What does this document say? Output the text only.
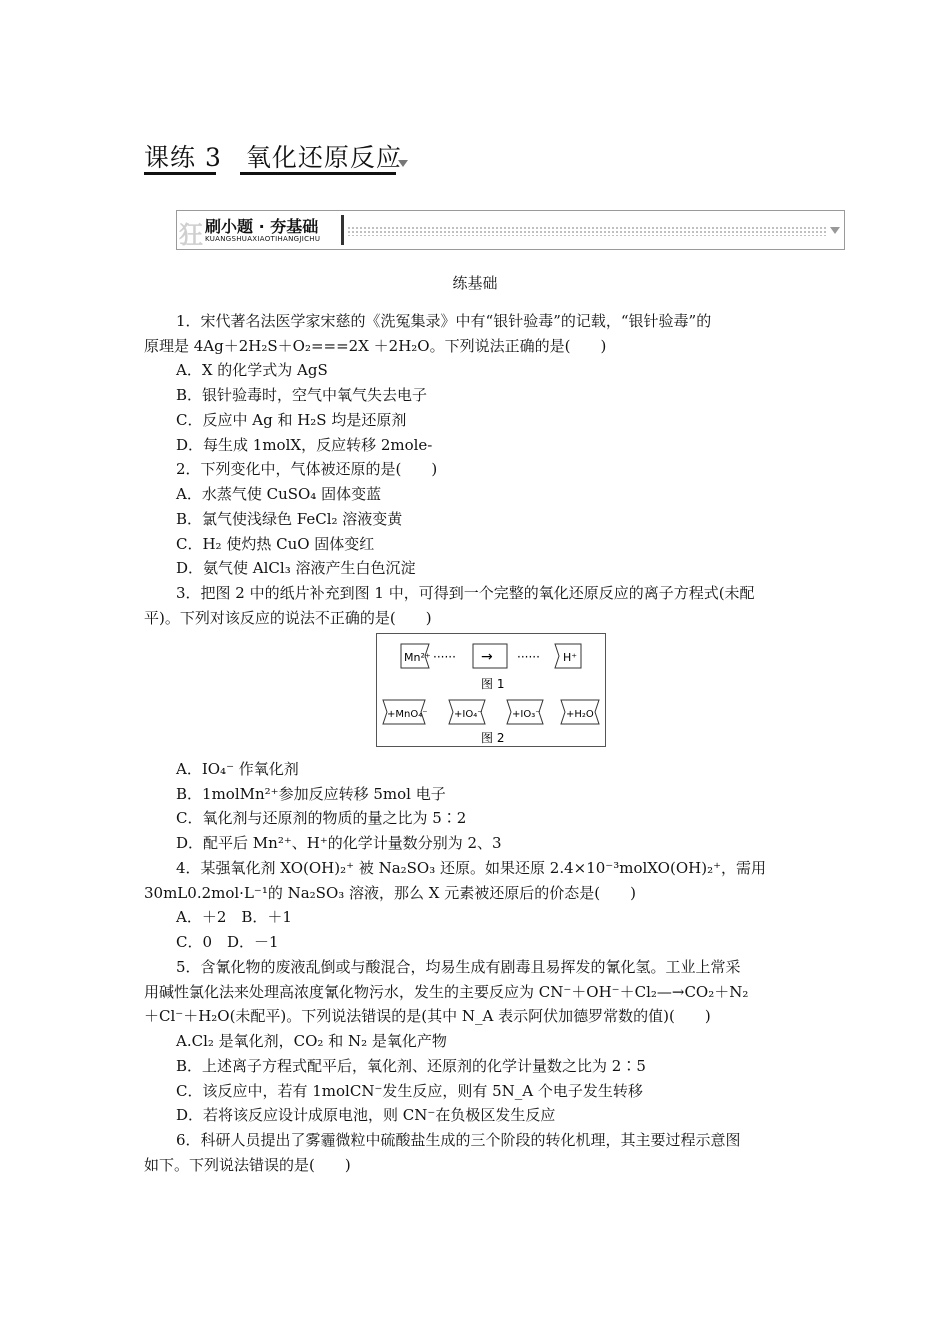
课练 3 氧化还原反应
狂 刷小题 · 夯基础
KUANGSHUAXIAOTIHANGJICHU
练基础
1．宋代著名法医学家宋慈的《洗冤集录》中有“银针验毒”的记载，“银针验毒”的
原理是 4Ag＋2H₂S＋O₂===2X ＋2H₂O。下列说法正确的是(　　)
A．X 的化学式为 AgS
B．银针验毒时，空气中氧气失去电子
C．反应中 Ag 和 H₂S 均是还原剂
D．每生成 1molX，反应转移 2mole-
2．下列变化中，气体被还原的是(　　)
A．水蒸气使 CuSO₄ 固体变蓝
B．氯气使浅绿色 FeCl₂ 溶液变黄
C．H₂ 使灼热 CuO 固体变红
D．氨气使 AlCl₃ 溶液产生白色沉淀
3．把图 2 中的纸片补充到图 1 中，可得到一个完整的氧化还原反应的离子方程式(未配
平)。下列对该反应的说法不正确的是(　　)
Mn²⁺ ······ → ······ H⁺
图 1
+MnO₄⁻	+IO₄⁻	+IO₃⁻	+H₂O
图 2
A．IO₄⁻ 作氧化剂
B．1molMn²⁺参加反应转移 5mol 电子
C．氧化剂与还原剂的物质的量之比为 5∶2
D．配平后 Mn²⁺、H⁺的化学计量数分别为 2、3
4．某强氧化剂 XO(OH)₂⁺ 被 Na₂SO₃ 还原。如果还原 2.4×10⁻³molXO(OH)₂⁺，需用
30mL0.2mol·L⁻¹的 Na₂SO₃ 溶液，那么 X 元素被还原后的价态是(　　)
A．＋2　B．＋1
C．0　D．－1
5．含氰化物的废液乱倒或与酸混合，均易生成有剧毒且易挥发的氰化氢。工业上常采
用碱性氯化法来处理高浓度氰化物污水，发生的主要反应为 CN⁻＋OH⁻＋Cl₂—→CO₂＋N₂
＋Cl⁻＋H₂O(未配平)。下列说法错误的是(其中 N_A 表示阿伏加德罗常数的值)(　　)
A.Cl₂ 是氧化剂，CO₂ 和 N₂ 是氧化产物
B．上述离子方程式配平后，氧化剂、还原剂的化学计量数之比为 2∶5
C．该反应中，若有 1molCN⁻发生反应，则有 5N_A 个电子发生转移
D．若将该反应设计成原电池，则 CN⁻在负极区发生反应
6．科研人员提出了雾霾微粒中硫酸盐生成的三个阶段的转化机理，其主要过程示意图
如下。下列说法错误的是(　　)
